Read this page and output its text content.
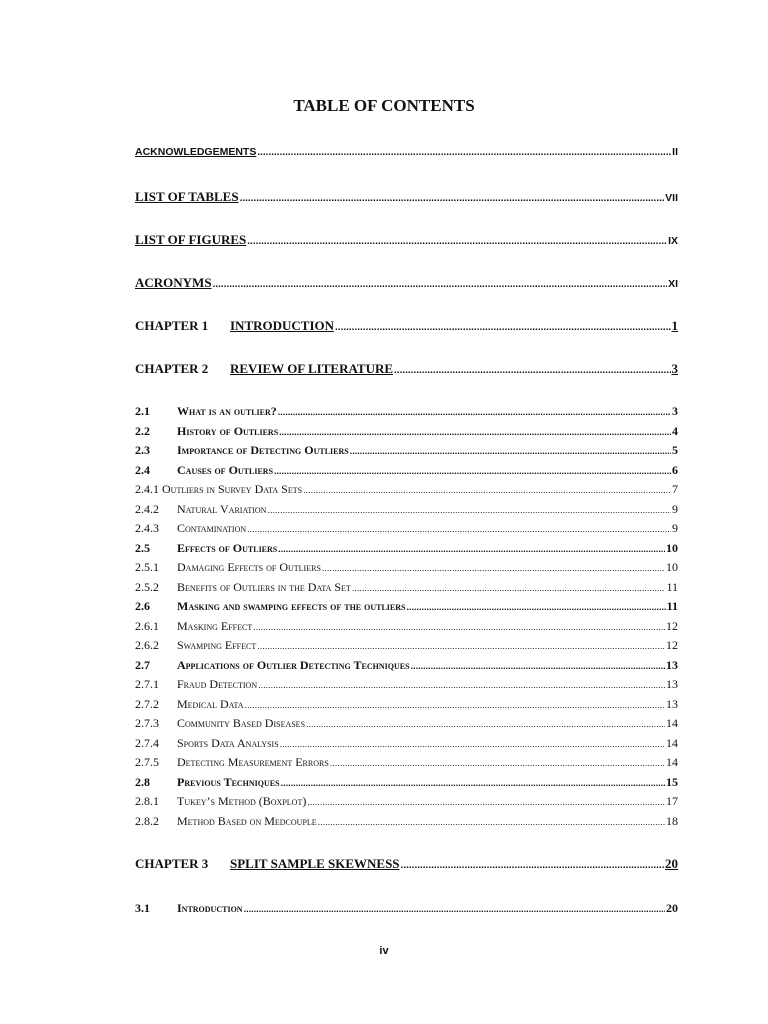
TABLE OF CONTENTS
ACKNOWLEDGEMENTS .....	II
LIST OF TABLES .....	VII
LIST OF FIGURES .....	IX
ACRONYMS .....	XI
CHAPTER 1 INTRODUCTION .....	1
CHAPTER 2 REVIEW OF LITERATURE .....	3
2.1 What is an outlier? .....	3
2.2 History of Outliers .....	4
2.3 Importance of Detecting Outliers .....	5
2.4 Causes of Outliers .....	6
2.4.1 Outliers in Survey Data Sets .....	7
2.4.2 Natural Variation .....	9
2.4.3 Contamination .....	9
2.5 Effects of Outliers .....	10
2.5.1 Damaging Effects of Outliers .....	10
2.5.2 Benefits of Outliers in the Data Set .....	11
2.6 Masking and swamping effects of the outliers .....	11
2.6.1 Masking Effect .....	12
2.6.2 Swamping Effect .....	12
2.7 Applications of Outlier Detecting Techniques .....	13
2.7.1 Fraud Detection .....	13
2.7.2 Medical Data .....	13
2.7.3 Community Based Diseases .....	14
2.7.4 Sports Data Analysis .....	14
2.7.5 Detecting Measurement Errors .....	14
2.8 Previous Techniques .....	15
2.8.1 Tukey’s Method (Boxplot) .....	17
2.8.2 Method Based on Medcouple .....	18
CHAPTER 3 SPLIT SAMPLE SKEWNESS .....	20
3.1 Introduction .....	20
iv
